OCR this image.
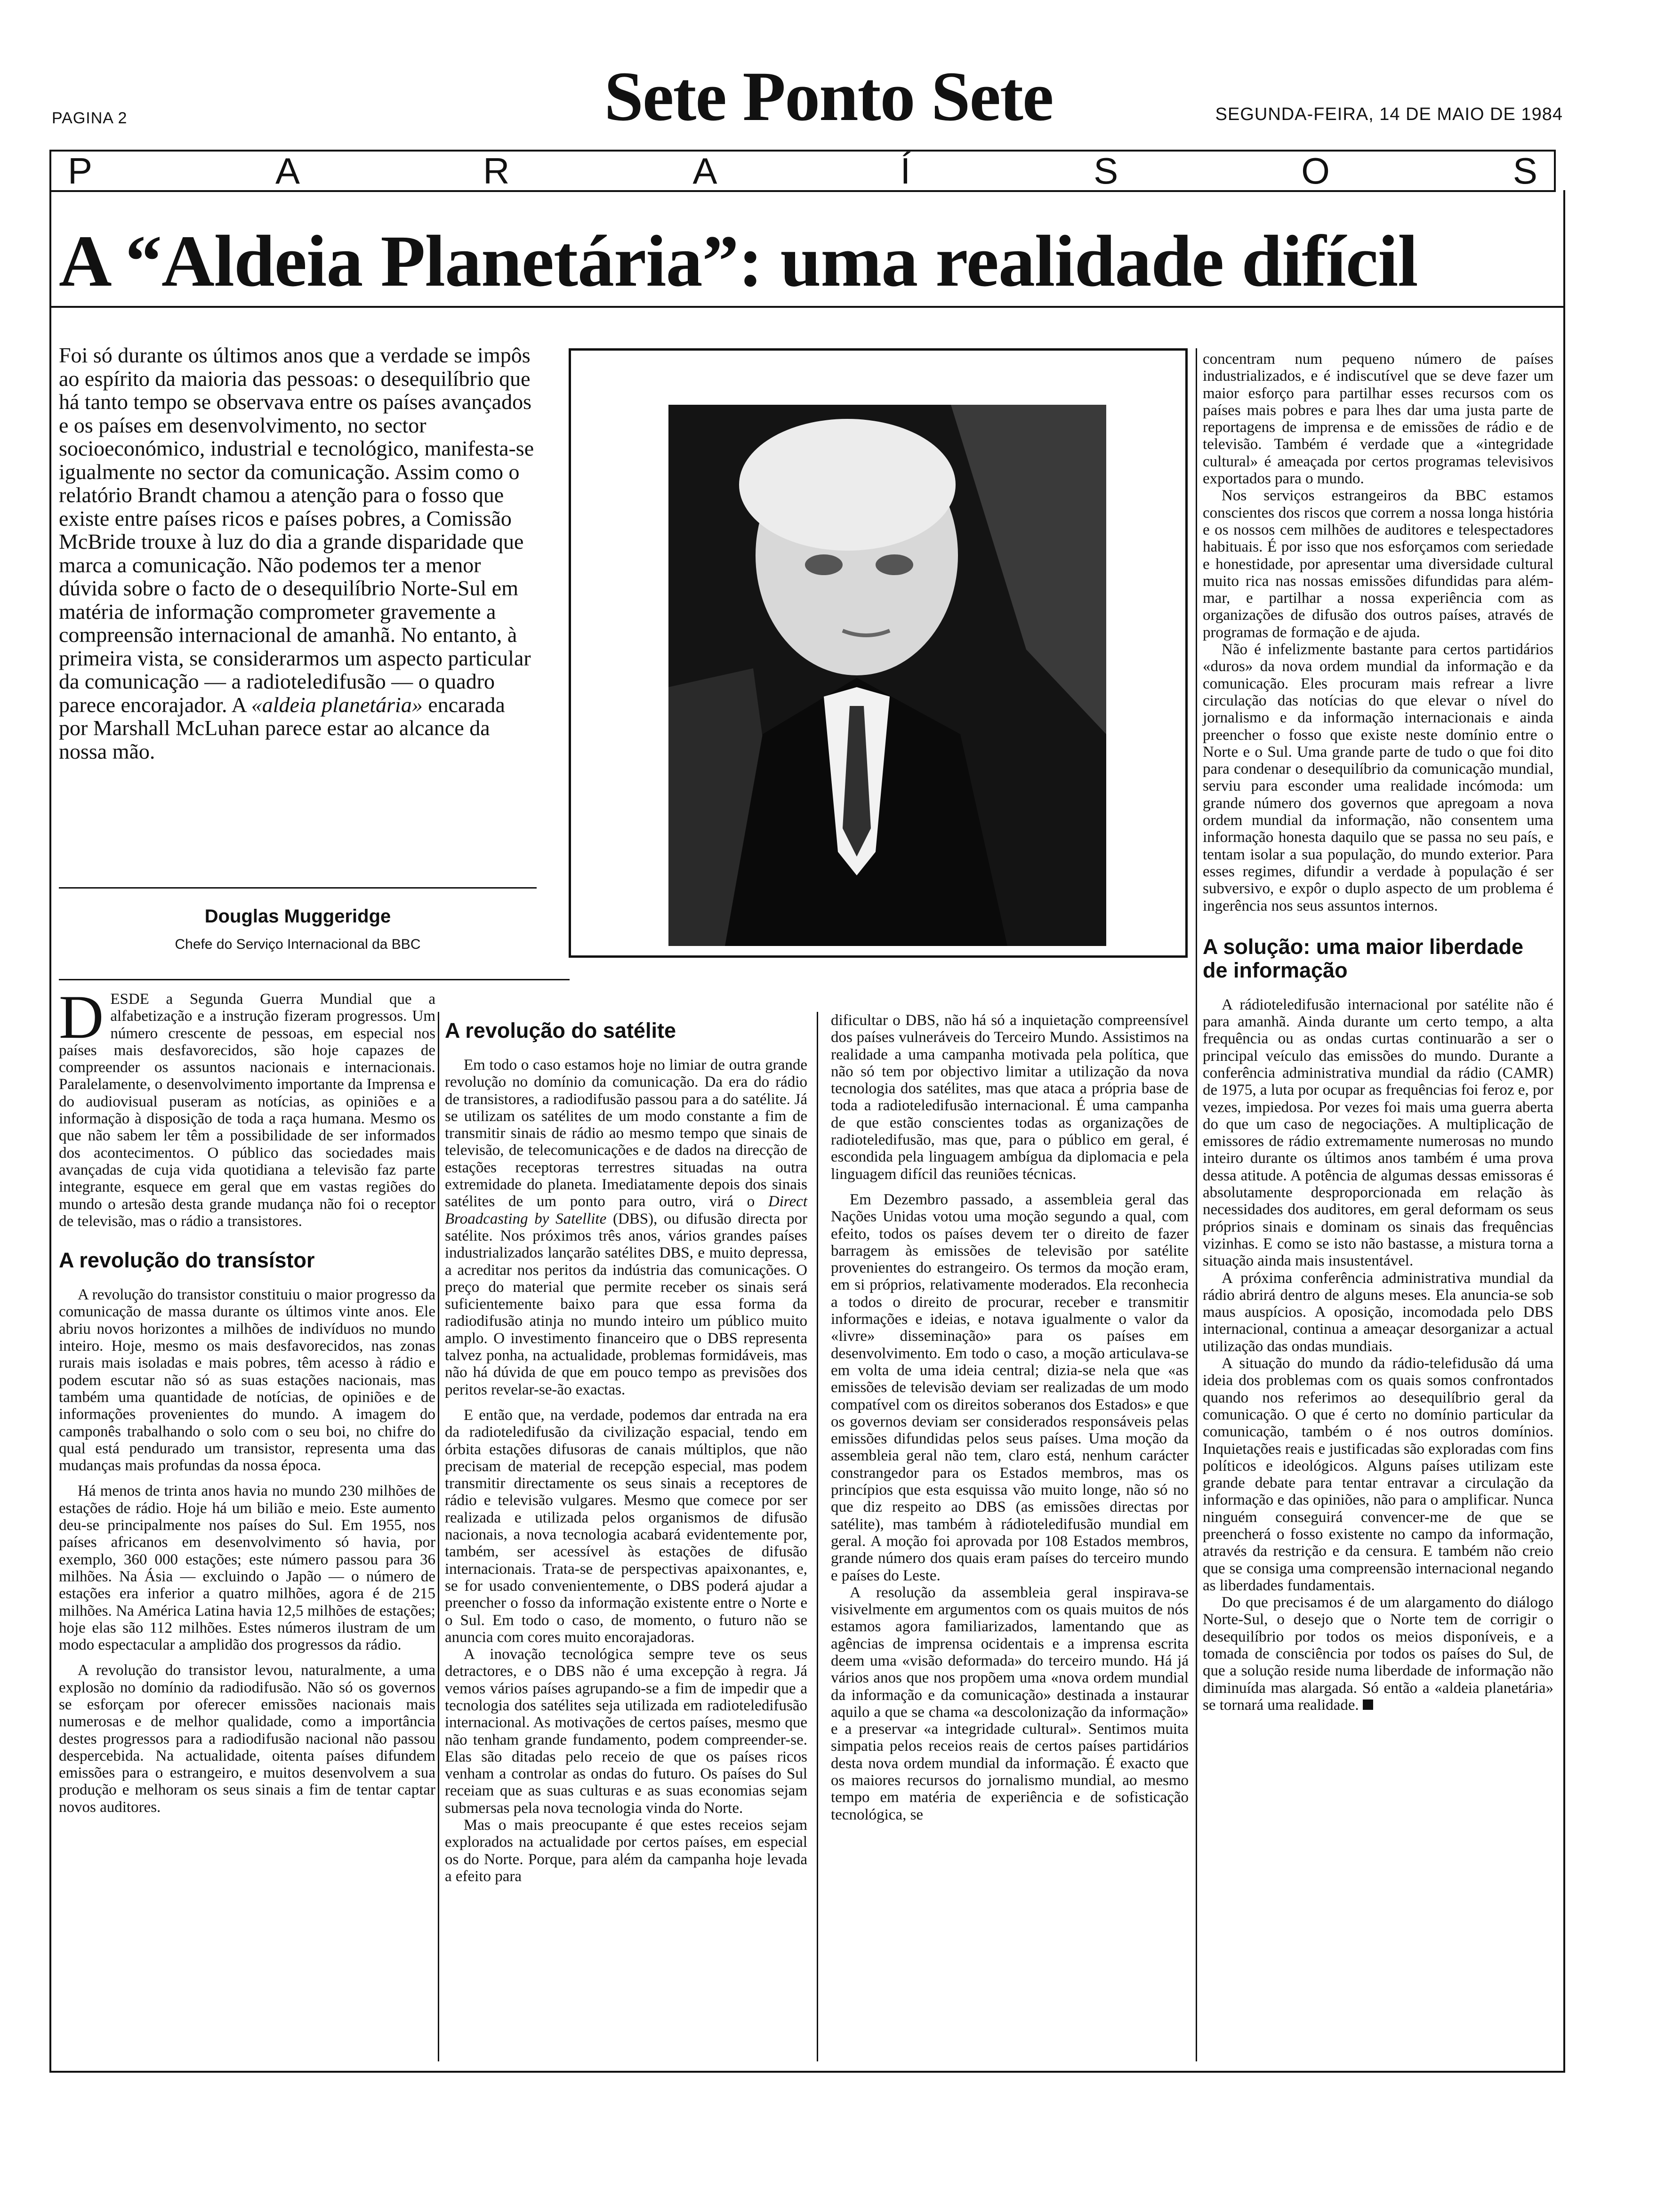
PAGINA 2	Sete Ponto Sete	SEGUNDA-FEIRA, 14 DE MAIO DE 1984
P	A	R	A	Í	S	O	S
A “Aldeia Planetária”: uma realidade difícil
Foi só durante os últimos anos que a verdade se impôs ao espírito da maioria das pessoas: o desequilíbrio que há tanto tempo se observava entre os países avançados e os países em desenvolvimento, no sector socioeconómico, industrial e tecnológico, manifesta-se igualmente no sector da comunicação. Assim como o relatório Brandt chamou a atenção para o fosso que existe entre países ricos e países pobres, a Comissão McBride trouxe à luz do dia a grande disparidade que marca a comunicação. Não podemos ter a menor dúvida sobre o facto de o desequilíbrio Norte-Sul em matéria de informação comprometer gravemente a compreensão internacional de amanhã. No entanto, à primeira vista, se considerarmos um aspecto particular da comunicação — a radioteledifusão — o quadro parece encorajador. A «aldeia planetária» encarada por Marshall McLuhan parece estar ao alcance da nossa mão.
Douglas Muggeridge
Chefe do Serviço Internacional da BBC

DESDE a Segunda Guerra Mundial que a alfabetização e a instrução fizeram progressos. Um número crescente de pessoas, em especial nos países mais desfavorecidos, são hoje capazes de compreender os assuntos nacionais e internacionais. Paralelamente, o desenvolvimento importante da Imprensa e do audiovisual puseram as notícias, as opiniões e a informação à disposição de toda a raça humana. Mesmo os que não sabem ler têm a possibilidade de ser informados dos acontecimentos. O público das sociedades mais avançadas de cuja vida quotidiana a televisão faz parte integrante, esquece em geral que em vastas regiões do mundo o artesão desta grande mudança não foi o receptor de televisão, mas o rádio a transistores.

A revolução do transístor

A revolução do transistor constituiu o maior progresso da comunicação de massa durante os últimos vinte anos. Ele abriu novos horizontes a milhões de indivíduos no mundo inteiro. Hoje, mesmo os mais desfavorecidos, nas zonas rurais mais isoladas e mais pobres, têm acesso à rádio e podem escutar não só as suas estações nacionais, mas também uma quantidade de notícias, de opiniões e de informações provenientes do mundo. A imagem do camponês trabalhando o solo com o seu boi, no chifre do qual está pendurado um transistor, representa uma das mudanças mais profundas da nossa época.

Há menos de trinta anos havia no mundo 230 milhões de estações de rádio. Hoje há um bilião e meio. Este aumento deu-se principalmente nos países do Sul. Em 1955, nos países africanos em desenvolvimento só havia, por exemplo, 360 000 estações; este número passou para 36 milhões. Na Ásia — excluindo o Japão — o número de estações era inferior a quatro milhões, agora é de 215 milhões. Na América Latina havia 12,5 milhões de estações; hoje elas são 112 milhões. Estes números ilustram de um modo espectacular a amplidão dos progressos da rádio.

A revolução do transistor levou, naturalmente, a uma explosão no domínio da radiodifusão. Não só os governos se esforçam por oferecer emissões nacionais mais numerosas e de melhor qualidade, como a importância destes progressos para a radiodifusão nacional não passou despercebida. Na actualidade, oitenta países difundem emissões para o estrangeiro, e muitos desenvolvem a sua produção e melhoram os seus sinais a fim de tentar captar novos auditores.

A revolução do satélite

Em todo o caso estamos hoje no limiar de outra grande revolução no domínio da comunicação. Da era do rádio de transistores, a radiodifusão passou para a do satélite. Já se utilizam os satélites de um modo constante a fim de transmitir sinais de rádio ao mesmo tempo que sinais de televisão, de telecomunicações e de dados na direcção de estações receptoras terrestres situadas na outra extremidade do planeta. Imediatamente depois dos sinais satélites de um ponto para outro, virá o Direct Broadcasting by Satellite (DBS), ou difusão directa por satélite. Nos próximos três anos, vários grandes países industrializados lançarão satélites DBS, e muito depressa, a acreditar nos peritos da indústria das comunicações. O preço do material que permite receber os sinais será suficientemente baixo para que essa forma da radiodifusão atinja no mundo inteiro um público muito amplo. O investimento financeiro que o DBS representa talvez ponha, na actualidade, problemas formidáveis, mas não há dúvida de que em pouco tempo as previsões dos peritos revelar-se-ão exactas.

E então que, na verdade, podemos dar entrada na era da radioteledifusão da civilização espacial, tendo em órbita estações difusoras de canais múltiplos, que não precisam de material de recepção especial, mas podem transmitir directamente os seus sinais a receptores de rádio e televisão vulgares. Mesmo que comece por ser realizada e utilizada pelos organismos de difusão nacionais, a nova tecnologia acabará evidentemente por, também, ser acessível às estações de difusão internacionais. Trata-se de perspectivas apaixonantes, e, se for usado convenientemente, o DBS poderá ajudar a preencher o fosso da informação existente entre o Norte e o Sul. Em todo o caso, de momento, o futuro não se anuncia com cores muito encorajadoras.

A inovação tecnológica sempre teve os seus detractores, e o DBS não é uma excepção à regra. Já vemos vários países agrupando-se a fim de impedir que a tecnologia dos satélites seja utilizada em radioteledifusão internacional. As motivações de certos países, mesmo que não tenham grande fundamento, podem compreender-se. Elas são ditadas pelo receio de que os países ricos venham a controlar as ondas do futuro. Os países do Sul receiam que as suas culturas e as suas economias sejam submersas pela nova tecnologia vinda do Norte.

Mas o mais preocupante é que estes receios sejam explorados na actualidade por certos países, em especial os do Norte. Porque, para além da campanha hoje levada a efeito para

dificultar o DBS, não há só a inquietação compreensível dos países vulneráveis do Terceiro Mundo. Assistimos na realidade a uma campanha motivada pela política, que não só tem por objectivo limitar a utilização da nova tecnologia dos satélites, mas que ataca a própria base de toda a radioteledifusão internacional. É uma campanha de que estão conscientes todas as organizações de radioteledifusão, mas que, para o público em geral, é escondida pela linguagem ambígua da diplomacia e pela linguagem difícil das reuniões técnicas.

Em Dezembro passado, a assembleia geral das Nações Unidas votou uma moção segundo a qual, com efeito, todos os países devem ter o direito de fazer barragem às emissões de televisão por satélite provenientes do estrangeiro. Os termos da moção eram, em si próprios, relativamente moderados. Ela reconhecia a todos o direito de procurar, receber e transmitir informações e ideias, e notava igualmente o valor da «livre» disseminação» para os países em desenvolvimento. Em todo o caso, a moção articulava-se em volta de uma ideia central; dizia-se nela que «as emissões de televisão deviam ser realizadas de um modo compatível com os direitos soberanos dos Estados» e que os governos deviam ser considerados responsáveis pelas emissões difundidas pelos seus países. Uma moção da assembleia geral não tem, claro está, nenhum carácter constrangedor para os Estados membros, mas os princípios que esta esquissa vão muito longe, não só no que diz respeito ao DBS (as emissões directas por satélite), mas também à rádioteledifusão mundial em geral. A moção foi aprovada por 108 Estados membros, grande número dos quais eram países do terceiro mundo e países do Leste.

A resolução da assembleia geral inspirava-se visivelmente em argumentos com os quais muitos de nós estamos agora familiarizados, lamentando que as agências de imprensa ocidentais e a imprensa escrita deem uma «visão deformada» do terceiro mundo. Há já vários anos que nos propõem uma «nova ordem mundial da informação e da comunicação» destinada a instaurar aquilo a que se chama «a descolonização da informação» e a preservar «a integridade cultural». Sentimos muita simpatia pelos receios reais de certos países partidários desta nova ordem mundial da informação. É exacto que os maiores recursos do jornalismo mundial, ao mesmo tempo em matéria de experiência e de sofisticação tecnológica, se

concentram num pequeno número de países industrializados, e é indiscutível que se deve fazer um maior esforço para partilhar esses recursos com os países mais pobres e para lhes dar uma justa parte de reportagens de imprensa e de emissões de rádio e de televisão. Também é verdade que a «integridade cultural» é ameaçada por certos programas televisivos exportados para o mundo.

Nos serviços estrangeiros da BBC estamos conscientes dos riscos que correm a nossa longa história e os nossos cem milhões de auditores e telespectadores habituais. É por isso que nos esforçamos com seriedade e honestidade, por apresentar uma diversidade cultural muito rica nas nossas emissões difundidas para além-mar, e partilhar a nossa experiência com as organizações de difusão dos outros países, através de programas de formação e de ajuda.

Não é infelizmente bastante para certos partidários «duros» da nova ordem mundial da informação e da comunicação. Eles procuram mais refrear a livre circulação das notícias do que elevar o nível do jornalismo e da informação internacionais e ainda preencher o fosso que existe neste domínio entre o Norte e o Sul. Uma grande parte de tudo o que foi dito para condenar o desequilíbrio da comunicação mundial, serviu para esconder uma realidade incómoda: um grande número dos governos que apregoam a nova ordem mundial da informação, não consentem uma informação honesta daquilo que se passa no seu país, e tentam isolar a sua população, do mundo exterior. Para esses regimes, difundir a verdade à população é ser subversivo, e expôr o duplo aspecto de um problema é ingerência nos seus assuntos internos.

A solução: uma maior liberdade de informação

A rádioteledifusão internacional por satélite não é para amanhã. Ainda durante um certo tempo, a alta frequência ou as ondas curtas continuarão a ser o principal veículo das emissões do mundo. Durante a conferência administrativa mundial da rádio (CAMR) de 1975, a luta por ocupar as frequências foi feroz e, por vezes, impiedosa. Por vezes foi mais uma guerra aberta do que um caso de negociações. A multiplicação de emissores de rádio extremamente numerosas no mundo inteiro durante os últimos anos também é uma prova dessa atitude. A potência de algumas dessas emissoras é absolutamente desproporcionada em relação às necessidades dos auditores, em geral deformam os seus próprios sinais e dominam os sinais das frequências vizinhas. E como se isto não bastasse, a mistura torna a situação ainda mais insustentável.

A próxima conferência administrativa mundial da rádio abrirá dentro de alguns meses. Ela anuncia-se sob maus auspícios. A oposição, incomodada pelo DBS internacional, continua a ameaçar desorganizar a actual utilização das ondas mundiais.

A situação do mundo da rádio-telefidusão dá uma ideia dos problemas com os quais somos confrontados quando nos referimos ao desequilíbrio geral da comunicação. O que é certo no domínio particular da comunicação, também o é nos outros domínios. Inquietações reais e justificadas são exploradas com fins políticos e ideológicos. Alguns países utilizam este grande debate para tentar entravar a circulação da informação e das opiniões, não para o amplificar. Nunca ninguém conseguirá convencer-me de que se preencherá o fosso existente no campo da informação, através da restrição e da censura. E também não creio que se consiga uma compreensão internacional negando as liberdades fundamentais.

Do que precisamos é de um alargamento do diálogo Norte-Sul, o desejo que o Norte tem de corrigir o desequilíbrio por todos os meios disponíveis, e a tomada de consciência por todos os países do Sul, de que a solução reside numa liberdade de informação não diminuída mas alargada. Só então a «aldeia planetária» se tornará uma realidade.
